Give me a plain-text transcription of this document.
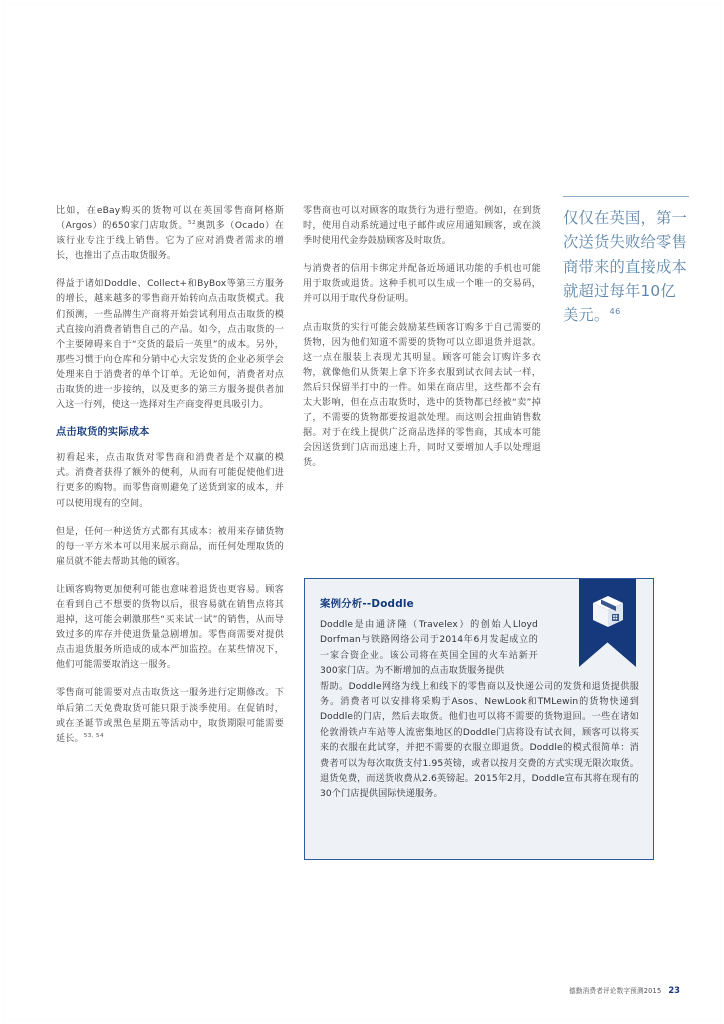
比如，在eBay购买的货物可以在英国零售商阿格斯（Argos）的650家门店取货。$^{52}$奥凯多（Ocado）在该行业专注于线上销售。它为了应对消费者需求的增长，也推出了点击取货服务。

得益于诸如Doddle、Collect+和ByBox等第三方服务的增长，越来越多的零售商开始转向点击取货模式。我们预测，一些品牌生产商将开始尝试利用点击取货的模式直接向消费者销售自己的产品。如今，点击取货的一个主要障碍来自于“交货的最后一英里”的成本。另外，那些习惯于向仓库和分销中心大宗发货的企业必须学会处理来自于消费者的单个订单。无论如何，消费者对点击取货的进一步接纳，以及更多的第三方服务提供者加入这一行列，使这一选择对生产商变得更具吸引力。

点击取货的实际成本

初看起来，点击取货对零售商和消费者是个双赢的模式。消费者获得了额外的便利，从而有可能促使他们进行更多的购物。而零售商则避免了送货到家的成本，并可以使用现有的空间。

但是，任何一种送货方式都有其成本：被用来存储货物的每一平方米本可以用来展示商品，而任何处理取货的雇员就不能去帮助其他的顾客。

让顾客购物更加便利可能也意味着退货也更容易。顾客在看到自己不想要的货物以后，很容易就在销售点将其退掉，这可能会刺激那些“买来试一试”的销售，从而导致过多的库存并使退货量急剧增加。零售商需要对提供点击退货服务所造成的成本严加监控。在某些情况下，他们可能需要取消这一服务。

零售商可能需要对点击取货这一服务进行定期修改。下单后第二天免费取货可能只限于淡季使用。在促销时，或在圣诞节或黑色星期五等活动中，取货期限可能需要延长。$^{53, 54}$

零售商也可以对顾客的取货行为进行塑造。例如，在到货时，使用自动系统通过电子邮件或应用通知顾客，或在淡季时使用代金券鼓励顾客及时取货。

与消费者的信用卡绑定并配备近场通讯功能的手机也可能用于取货或退货。这种手机可以生成一个唯一的交易码，并可以用于取代身份证明。

点击取货的实行可能会鼓励某些顾客订购多于自己需要的货物，因为他们知道不需要的货物可以立即退货并退款。这一点在服装上表现尤其明显。顾客可能会订购许多衣物，就像他们从货架上拿下许多衣服到试衣间去试一样，然后只保留半打中的一件。如果在商店里，这些都不会有太大影响，但在点击取货时，选中的货物都已经被“卖”掉了，不需要的货物都要按退款处理。而这则会扭曲销售数据。对于在线上提供广泛商品选择的零售商，其成本可能会因送货到门店而迅速上升，同时又要增加人手以处理退货。

仅仅在英国，第一次送货失败给零售商带来的直接成本就超过每年10亿美元。$^{46}$
案例分析--Doddle

Doddle是由通济隆（Travelex）的创始人Lloyd Dorfman与铁路网络公司于2014年6月发起成立的一家合资企业。该公司将在英国全国的火车站新开300家门店。为不断增加的点击取货服务提供
帮助。Doddle网络为线上和线下的零售商以及快递公司的发货和退货提供服务。消费者可以安排将采购于Asos、NewLook和TMLewin的货物快递到Doddle的门店，然后去取货。他们也可以将不需要的货物退回。一些在诸如伦敦滑铁卢车站等人流密集地区的Doddle门店将设有试衣间，顾客可以将买来的衣服在此试穿，并把不需要的衣服立即退货。Doddle的模式很简单：消费者可以为每次取货支付1.95英镑，或者以按月交费的方式实现无限次取货。退货免费，而送货收费从2.6英镑起。2015年2月，Doddle宣布其将在现有的30个门店提供国际快递服务。

德勤消费者评论数字预测2015 23
